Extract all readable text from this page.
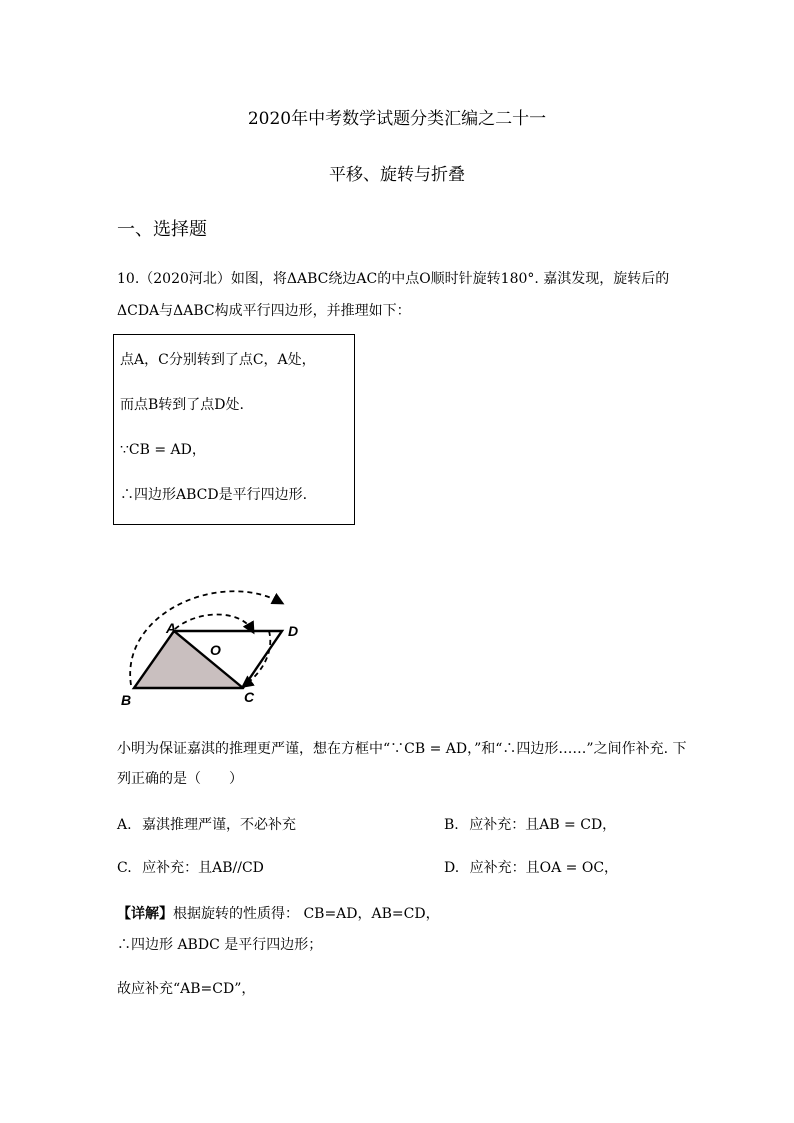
2020年中考数学试题分类汇编之二十一
平移、旋转与折叠
一、选择题
10.（2020河北）如图，将ΔABC绕边AC的中点O顺时针旋转180°. 嘉淇发现，旋转后的
ΔCDA与ΔABC构成平行四边形，并推理如下：
点A，C分别转到了点C，A处，
而点B转到了点D处.
∵CB = AD，
∴四边形ABCD是平行四边形.
A	D
O
B	C
小明为保证嘉淇的推理更严谨，想在方框中“∵CB = AD，”和“∴四边形……”之间作补充. 下
列正确的是（　　）
A. 嘉淇推理严谨，不必补充	B. 应补充：且AB = CD，
C. 应补充：且AB//CD	D. 应补充：且OA = OC，
【详解】根据旋转的性质得： CB=AD，AB=CD，
∴四边形 ABDC 是平行四边形；
故应补充“AB=CD”，
